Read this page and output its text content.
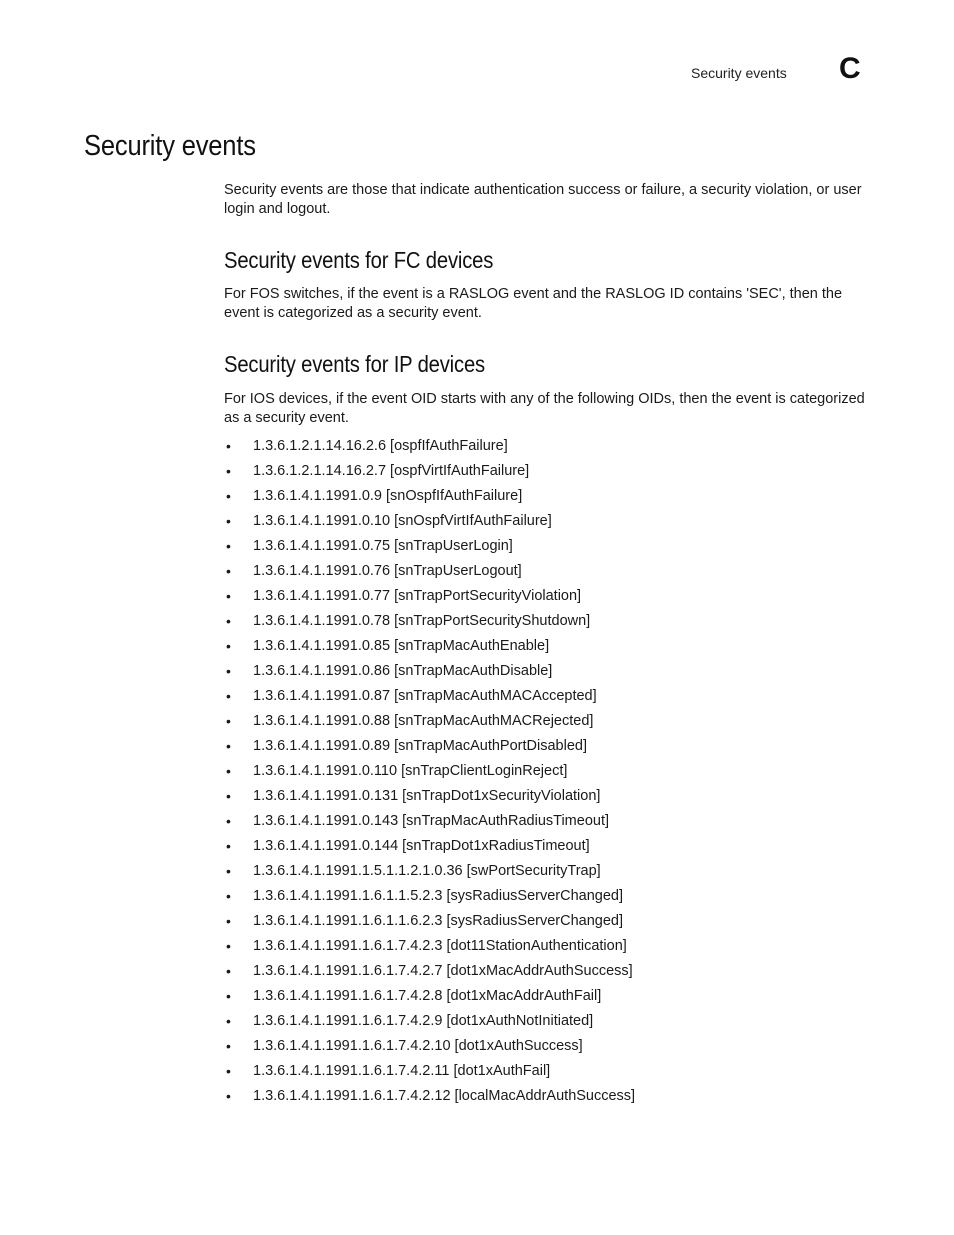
Security events C
Security events

Security events are those that indicate authentication success or failure, a security violation, or user login and logout.

Security events for FC devices

For FOS switches, if the event is a RASLOG event and the RASLOG ID contains 'SEC', then the event is categorized as a security event.

Security events for IP devices

For IOS devices, if the event OID starts with any of the following OIDs, then the event is categorized as a security event.

• 1.3.6.1.2.1.14.16.2.6 [ospfIfAuthFailure]
• 1.3.6.1.2.1.14.16.2.7 [ospfVirtIfAuthFailure]
• 1.3.6.1.4.1.1991.0.9 [snOspfIfAuthFailure]
• 1.3.6.1.4.1.1991.0.10 [snOspfVirtIfAuthFailure]
• 1.3.6.1.4.1.1991.0.75 [snTrapUserLogin]
• 1.3.6.1.4.1.1991.0.76 [snTrapUserLogout]
• 1.3.6.1.4.1.1991.0.77 [snTrapPortSecurityViolation]
• 1.3.6.1.4.1.1991.0.78 [snTrapPortSecurityShutdown]
• 1.3.6.1.4.1.1991.0.85 [snTrapMacAuthEnable]
• 1.3.6.1.4.1.1991.0.86 [snTrapMacAuthDisable]
• 1.3.6.1.4.1.1991.0.87 [snTrapMacAuthMACAccepted]
• 1.3.6.1.4.1.1991.0.88 [snTrapMacAuthMACRejected]
• 1.3.6.1.4.1.1991.0.89 [snTrapMacAuthPortDisabled]
• 1.3.6.1.4.1.1991.0.110 [snTrapClientLoginReject]
• 1.3.6.1.4.1.1991.0.131 [snTrapDot1xSecurityViolation]
• 1.3.6.1.4.1.1991.0.143 [snTrapMacAuthRadiusTimeout]
• 1.3.6.1.4.1.1991.0.144 [snTrapDot1xRadiusTimeout]
• 1.3.6.1.4.1.1991.1.5.1.1.2.1.0.36 [swPortSecurityTrap]
• 1.3.6.1.4.1.1991.1.6.1.1.5.2.3 [sysRadiusServerChanged]
• 1.3.6.1.4.1.1991.1.6.1.1.6.2.3 [sysRadiusServerChanged]
• 1.3.6.1.4.1.1991.1.6.1.7.4.2.3 [dot11StationAuthentication]
• 1.3.6.1.4.1.1991.1.6.1.7.4.2.7 [dot1xMacAddrAuthSuccess]
• 1.3.6.1.4.1.1991.1.6.1.7.4.2.8 [dot1xMacAddrAuthFail]
• 1.3.6.1.4.1.1991.1.6.1.7.4.2.9 [dot1xAuthNotInitiated]
• 1.3.6.1.4.1.1991.1.6.1.7.4.2.10 [dot1xAuthSuccess]
• 1.3.6.1.4.1.1991.1.6.1.7.4.2.11 [dot1xAuthFail]
• 1.3.6.1.4.1.1991.1.6.1.7.4.2.12 [localMacAddrAuthSuccess]
